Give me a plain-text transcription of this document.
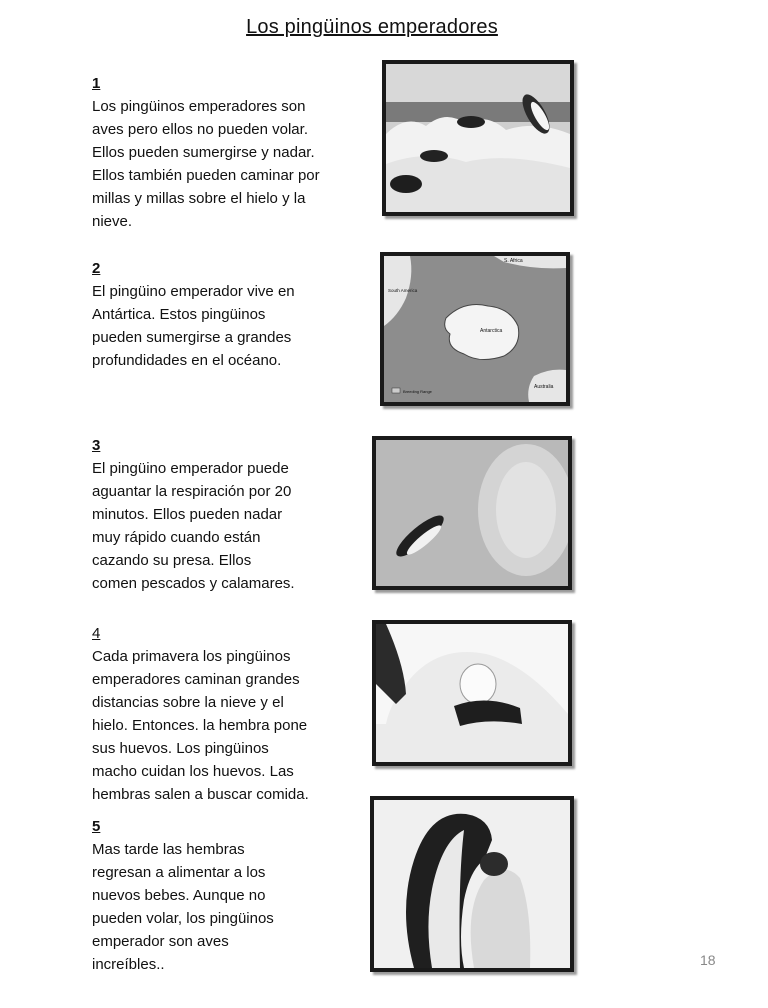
Los pingüinos emperadores
1

Los pingüinos emperadores son
aves pero ellos no pueden volar.
Ellos pueden sumergirse y nadar.
Ellos también pueden caminar por
millas y millas sobre el hielo y la
nieve.

2

El pingüino emperador vive en
Antártica. Estos pingüinos
pueden sumergirse a grandes
profundidades en el océano.

S. Africa
South America
Antarctica
Australia
Breeding Range
3

El pingüino emperador puede
aguantar la respiración por 20
minutos. Ellos pueden nadar
muy rápido cuando están
cazando su presa. Ellos
comen pescados y calamares.

4

Cada primavera los pingüinos
emperadores caminan grandes
distancias sobre la nieve y el
hielo. Entonces. la hembra pone
sus huevos. Los pingüinos
macho cuidan los huevos. Las
hembras salen a buscar comida.

5

Mas tarde las hembras
regresan a alimentar a los
nuevos bebes. Aunque no
pueden volar, los pingüinos
emperador son aves
increíbles..	18
